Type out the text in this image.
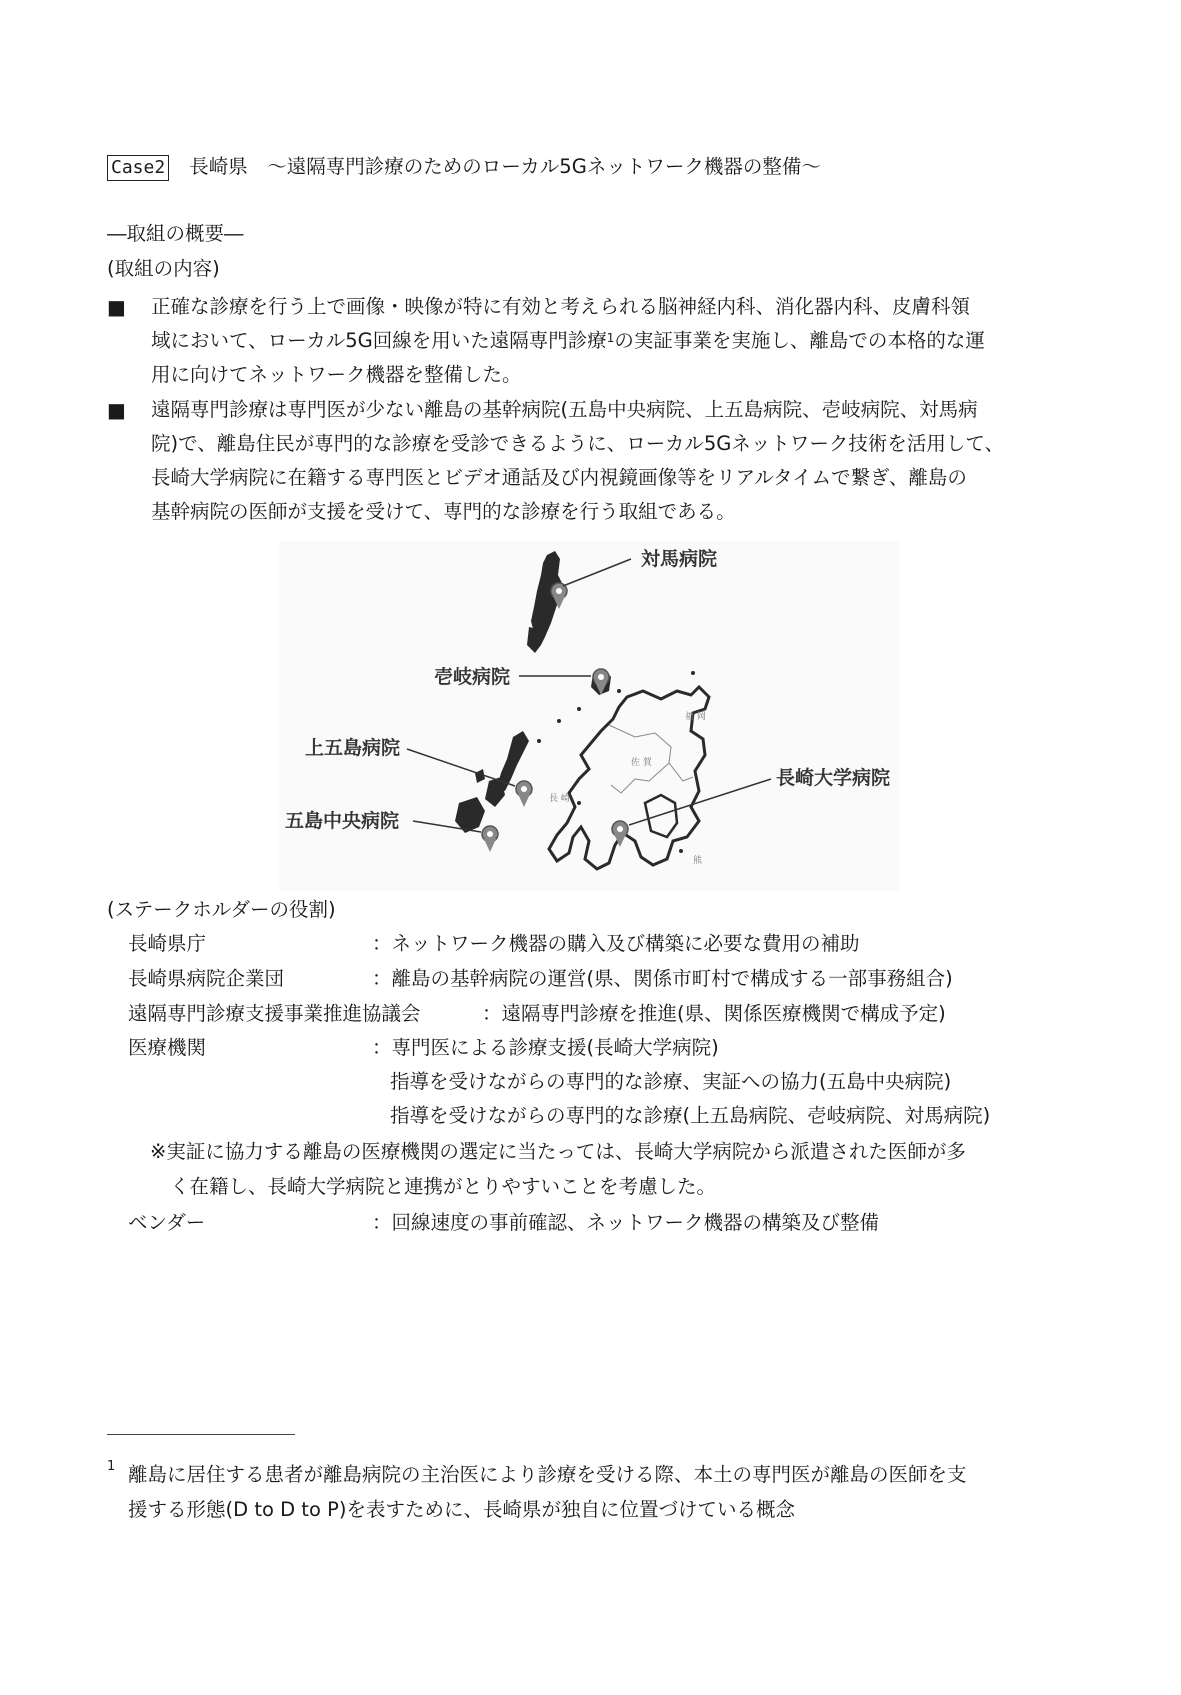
Case2 長崎県　～遠隔専門診療のためのローカル5Gネットワーク機器の整備～
―取組の概要―
(取組の内容)
■ 正確な診療を行う上で画像・映像が特に有効と考えられる脳神経内科、消化器内科、皮膚科領
域において、ローカル5G回線を用いた遠隔専門診療$^1$の実証事業を実施し、離島での本格的な運
用に向けてネットワーク機器を整備した。
■ 遠隔専門診療は専門医が少ない離島の基幹病院(五島中央病院、上五島病院、壱岐病院、対馬病
院)で、離島住民が専門的な診療を受診できるように、ローカル5Gネットワーク技術を活用して、
長崎大学病院に在籍する専門医とビデオ通話及び内視鏡画像等をリアルタイムで繋ぎ、離島の
基幹病院の医師が支援を受けて、専門的な診療を行う取組である。
福 岡
佐 賀
長 崎
熊
対馬病院
壱岐病院
上五島病院
五島中央病院
長崎大学病院
(ステークホルダーの役割)
長崎県庁	：ネットワーク機器の購入及び構築に必要な費用の補助
長崎県病院企業団	：離島の基幹病院の運営(県、関係市町村で構成する一部事務組合)
遠隔専門診療支援事業推進協議会	：遠隔専門診療を推進(県、関係医療機関で構成予定)
医療機関	：専門医による診療支援(長崎大学病院)
指導を受けながらの専門的な診療、実証への協力(五島中央病院)
指導を受けながらの専門的な診療(上五島病院、壱岐病院、対馬病院)
※実証に協力する離島の医療機関の選定に当たっては、長崎大学病院から派遣された医師が多
く在籍し、長崎大学病院と連携がとりやすいことを考慮した。
ベンダー	：回線速度の事前確認、ネットワーク機器の構築及び整備
1 離島に居住する患者が離島病院の主治医により診療を受ける際、本土の専門医が離島の医師を支
援する形態(D to D to P)を表すために、長崎県が独自に位置づけている概念
